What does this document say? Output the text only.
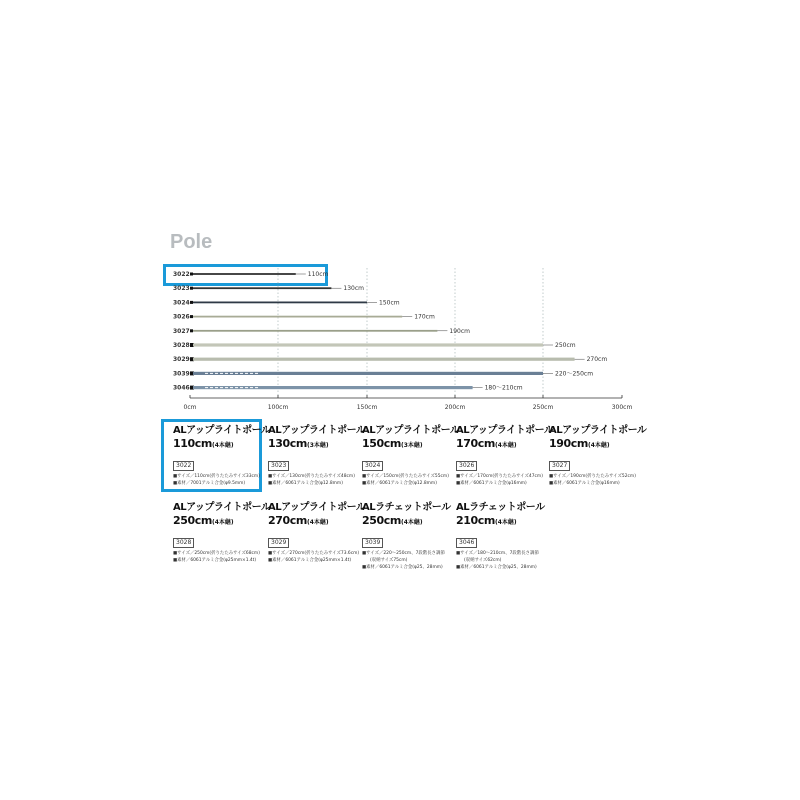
Pole
3022	110cm
3023	130cm
3024	150cm
3026	170cm
3027	190cm
3028	250cm
3029	270cm
3039	220〜250cm
3046	180〜210cm
0cm	100cm	150cm	200cm	250cm	300cm
ALアップライトポール
110cm(4本継)
3022
■サイズ／110cm(折りたたみサイズ33cm)
■素材／7001アルミ合金(φ9.5mm)
ALアップライトポール
130cm(3本継)
3023
■サイズ／130cm(折りたたみサイズ48cm)
■素材／6061アルミ合金(φ12.8mm)
ALアップライトポール
150cm(3本継)
3024
■サイズ／150cm(折りたたみサイズ55cm)
■素材／6061アルミ合金(φ12.8mm)
ALアップライトポール
170cm(4本継)
3026
■サイズ／170cm(折りたたみサイズ47cm)
■素材／6061アルミ合金(φ16mm)
ALアップライトポール
190cm(4本継)
3027
■サイズ／190cm(折りたたみサイズ52cm)
■素材／6061アルミ合金(φ16mm)
ALアップライトポール
250cm(4本継)
3028
■サイズ／250cm(折りたたみサイズ68cm)
■素材／6061アルミ合金(φ25mm×1.4t)
ALアップライトポール
270cm(4本継)
3029
■サイズ／270cm(折りたたみサイズ73.6cm)
■素材／6061アルミ合金(φ25mm×1.4t)
ALラチェットポール
250cm(4本継)
3039
■サイズ／220〜250cm、7段階長さ調節
(収納サイズ75cm)
■素材／6061アルミ合金(φ25、28mm)
ALラチェットポール
210cm(4本継)
3046
■サイズ／180〜210cm、7段階長さ調節
(収納サイズ62cm)
■素材／6061アルミ合金(φ25、28mm)
